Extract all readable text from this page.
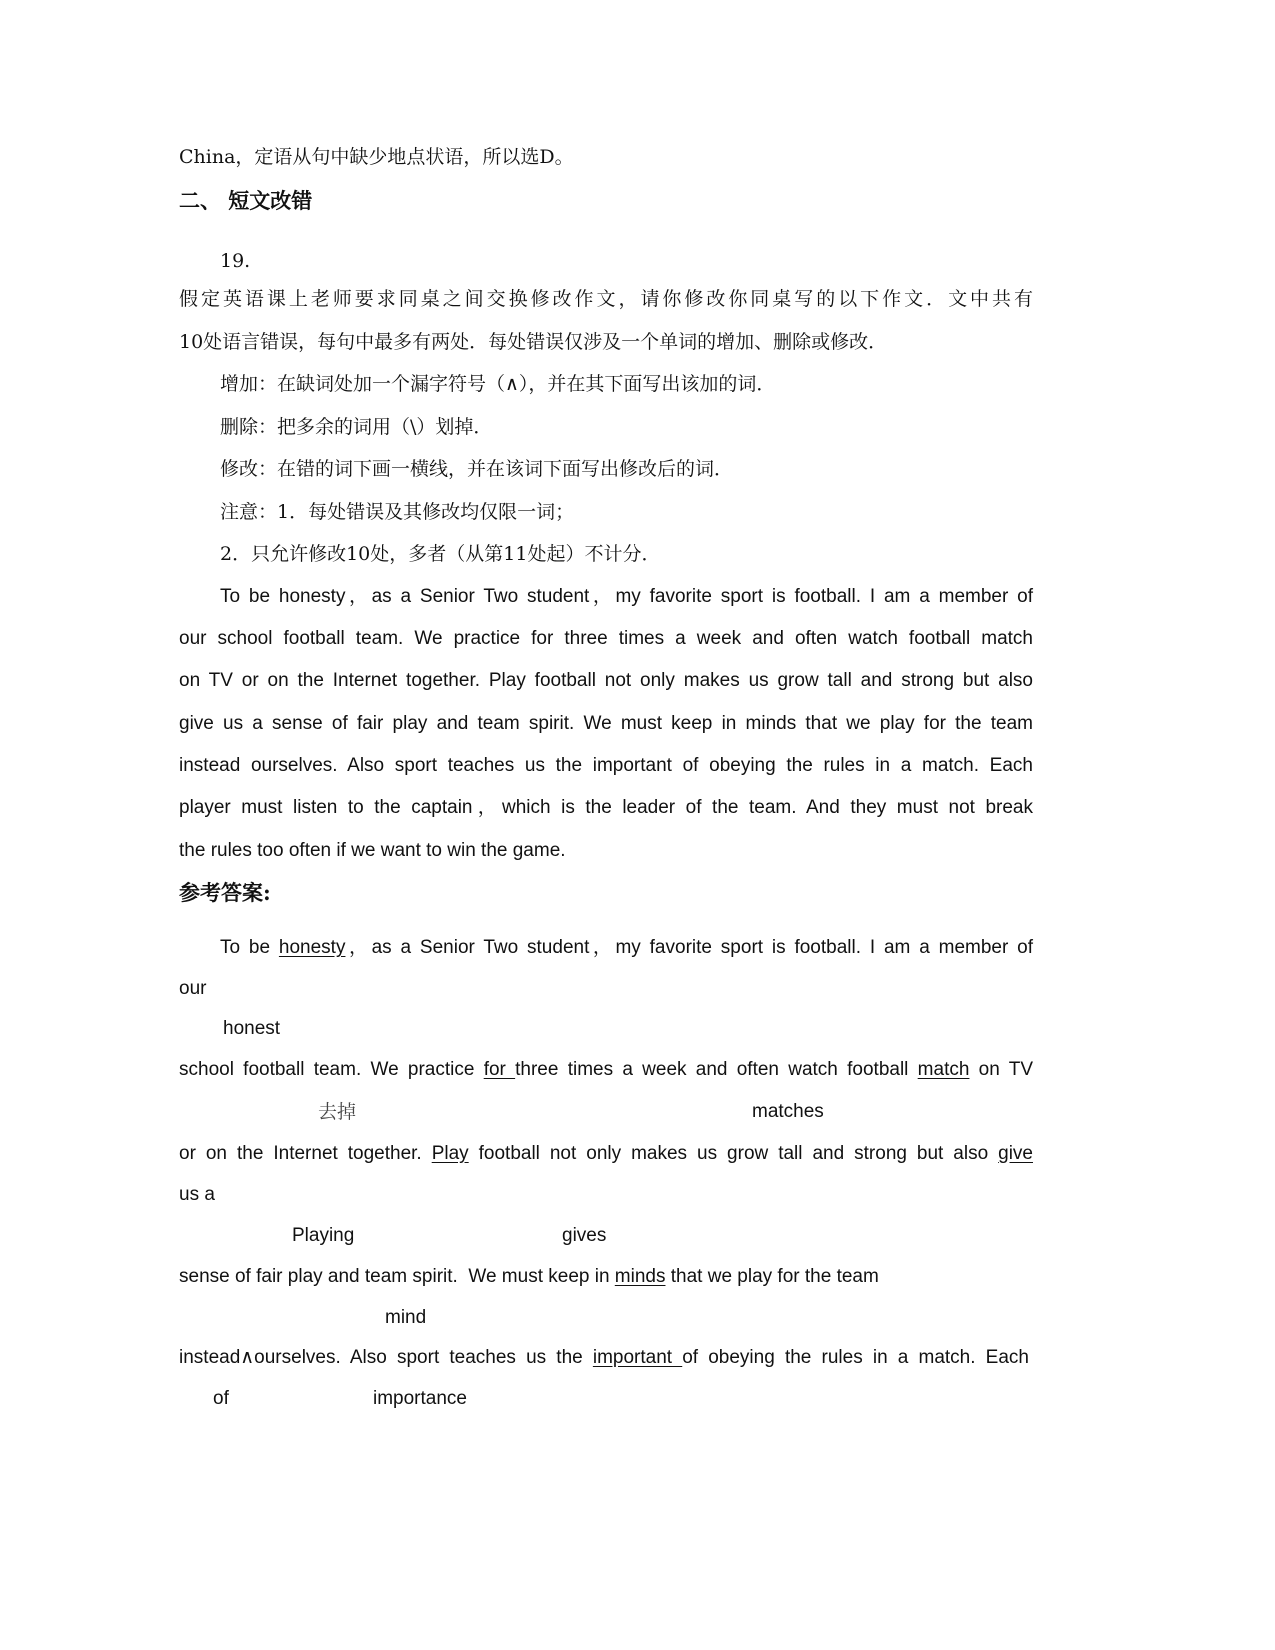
China，定语从句中缺少地点状语，所以选D。
二、 短文改错
19.
假定英语课上老师要求同桌之间交换修改作文，请你修改你同桌写的以下作文．文中共有
10处语言错误，每句中最多有两处．每处错误仅涉及一个单词的增加、删除或修改．
增加：在缺词处加一个漏字符号（∧），并在其下面写出该加的词．
删除：把多余的词用（\）划掉．
修改：在错的词下画一横线，并在该词下面写出修改后的词．
注意：1．每处错误及其修改均仅限一词；
2．只允许修改10处，多者（从第11处起）不计分．
To be honesty，as a Senior Two student，my favorite sport is football. I am a member of
our school football team. We practice for three times a week and often watch football match
on TV or on the Internet together. Play football not only makes us grow tall and strong but also
give us a sense of fair play and team spirit. We must keep in minds that we play for the team
instead ourselves. Also sport teaches us the important of obeying the rules in a match. Each
player must listen to the captain，which is the leader of the team. And they must not break
the rules too often if we want to win the game.
参考答案:
To be honesty，as a Senior Two student，my favorite sport is football. I am a member of
our
honest
school football team. We practice for three times a week and often watch football match on TV
去掉	matches
or on the Internet together. Play football not only makes us grow tall and strong but also give
us a
Playing	gives
sense of fair play and team spirit.  We must keep in minds that we play for the team
mind
instead∧ourselves. Also sport teaches us the important of obeying the rules in a match. Each
of	importance
